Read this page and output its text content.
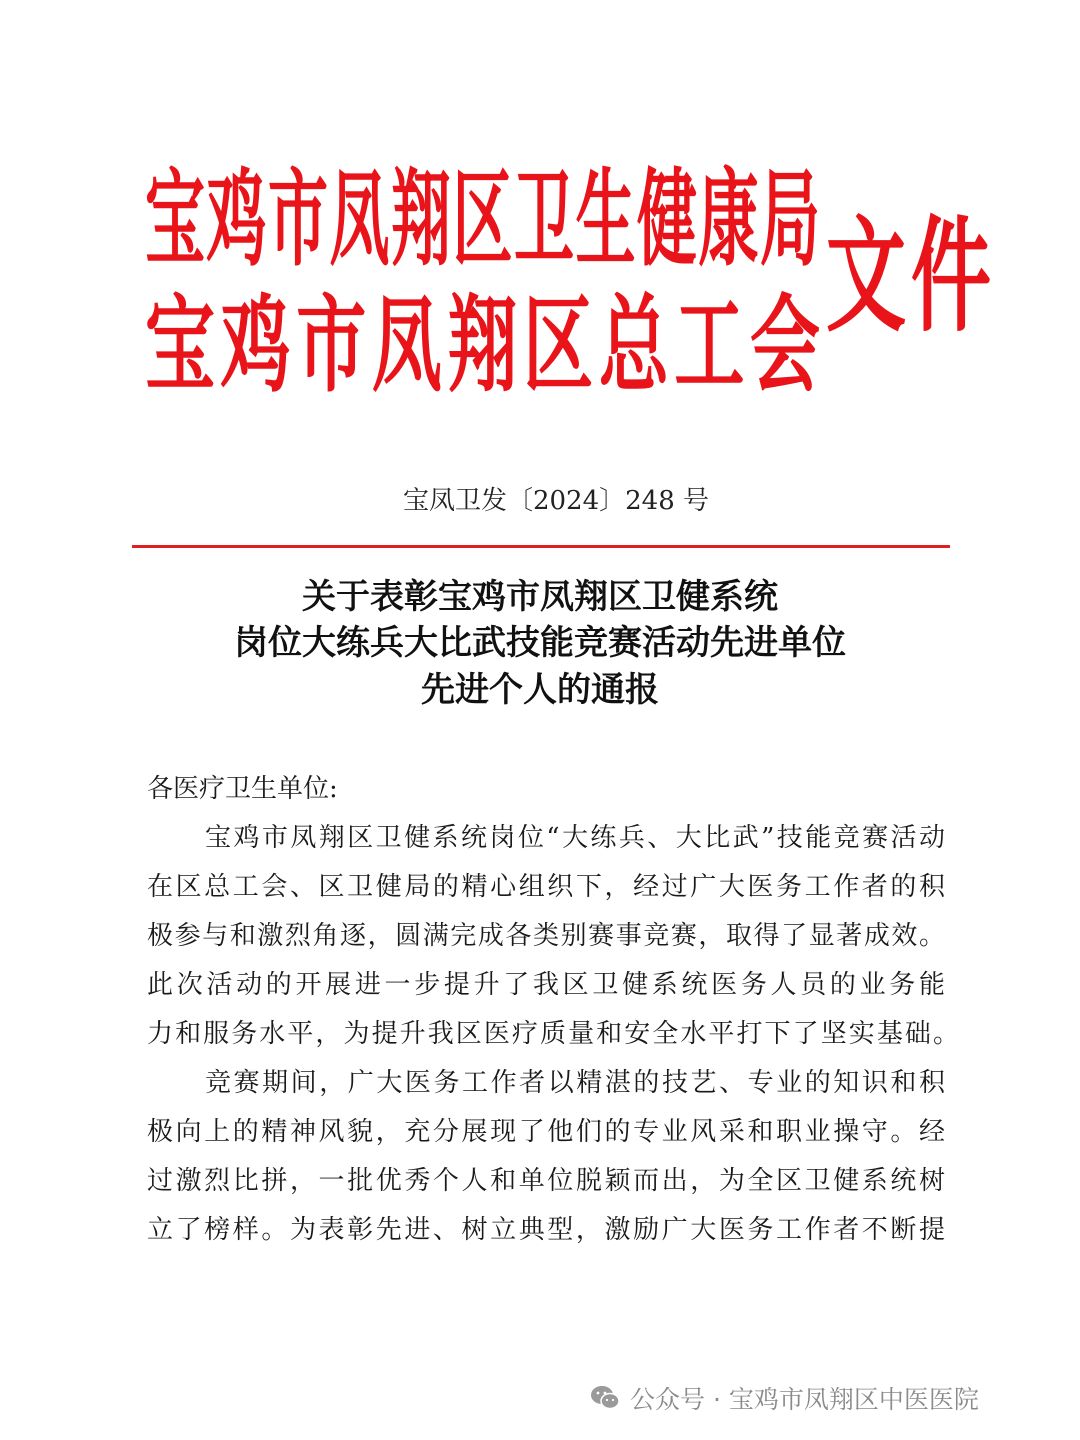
宝 鸡 市 凤 翔 区 卫 生 健 康 局
宝 鸡 市 凤 翔 区 总 工 会 文 件
宝凤卫发〔2024〕248 号
关于表彰宝鸡市凤翔区卫健系统
岗位大练兵大比武技能竞赛活动先进单位
先进个人的通报
各医疗卫生单位:
宝鸡市凤翔区卫健系统岗位“大练兵、大比武”技能竞赛活动
在区总工会、区卫健局的精心组织下，经过广大医务工作者的积
极参与和激烈角逐，圆满完成各类别赛事竞赛，取得了显著成效。
此次活动的开展进一步提升了我区卫健系统医务人员的业务能
力和服务水平，为提升我区医疗质量和安全水平打下了坚实基础。
竞赛期间，广大医务工作者以精湛的技艺、专业的知识和积
极向上的精神风貌，充分展现了他们的专业风采和职业操守。经
过激烈比拼，一批优秀个人和单位脱颖而出，为全区卫健系统树
立了榜样。为表彰先进、树立典型，激励广大医务工作者不断提
公众号 · 宝鸡市凤翔区中医医院
